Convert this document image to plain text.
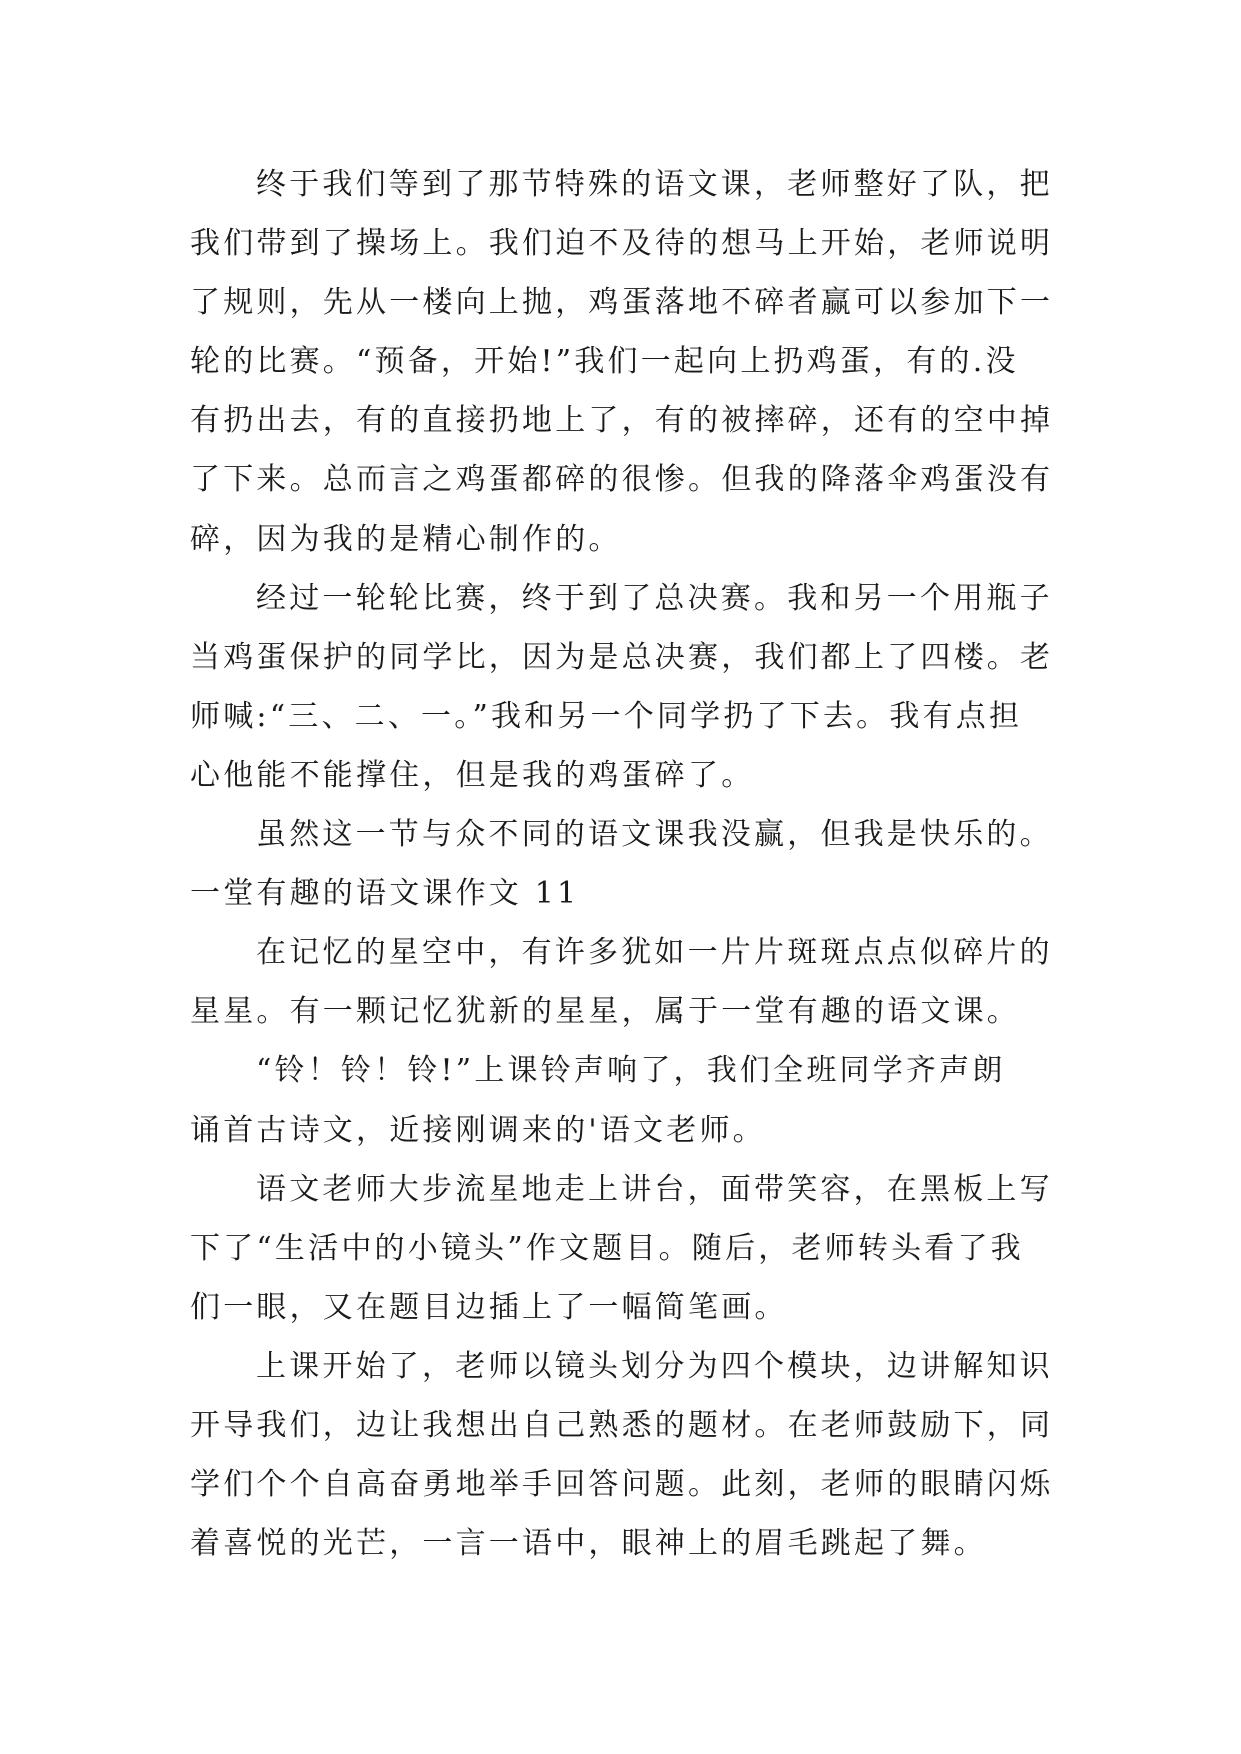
终于我们等到了那节特殊的语文课，老师整好了队，把
我们带到了操场上。我们迫不及待的想马上开始，老师说明
了规则，先从一楼向上抛，鸡蛋落地不碎者赢可以参加下一
轮的比赛。“预备，开始!”我们一起向上扔鸡蛋，有的.没
有扔出去，有的直接扔地上了，有的被摔碎，还有的空中掉
了下来。总而言之鸡蛋都碎的很惨。但我的降落伞鸡蛋没有
碎，因为我的是精心制作的。
经过一轮轮比赛，终于到了总决赛。我和另一个用瓶子
当鸡蛋保护的同学比，因为是总决赛，我们都上了四楼。老
师喊:“三、二、一。”我和另一个同学扔了下去。我有点担
心他能不能撑住，但是我的鸡蛋碎了。
虽然这一节与众不同的语文课我没赢，但我是快乐的。
一堂有趣的语文课作文 11
在记忆的星空中，有许多犹如一片片斑斑点点似碎片的
星星。有一颗记忆犹新的星星，属于一堂有趣的语文课。
“铃！铃！铃!”上课铃声响了，我们全班同学齐声朗
诵首古诗文，近接刚调来的'语文老师。
语文老师大步流星地走上讲台，面带笑容，在黑板上写
下了“生活中的小镜头”作文题目。随后，老师转头看了我
们一眼，又在题目边插上了一幅简笔画。
上课开始了，老师以镜头划分为四个模块，边讲解知识
开导我们，边让我想出自己熟悉的题材。在老师鼓励下，同
学们个个自高奋勇地举手回答问题。此刻，老师的眼睛闪烁
着喜悦的光芒，一言一语中，眼神上的眉毛跳起了舞。
